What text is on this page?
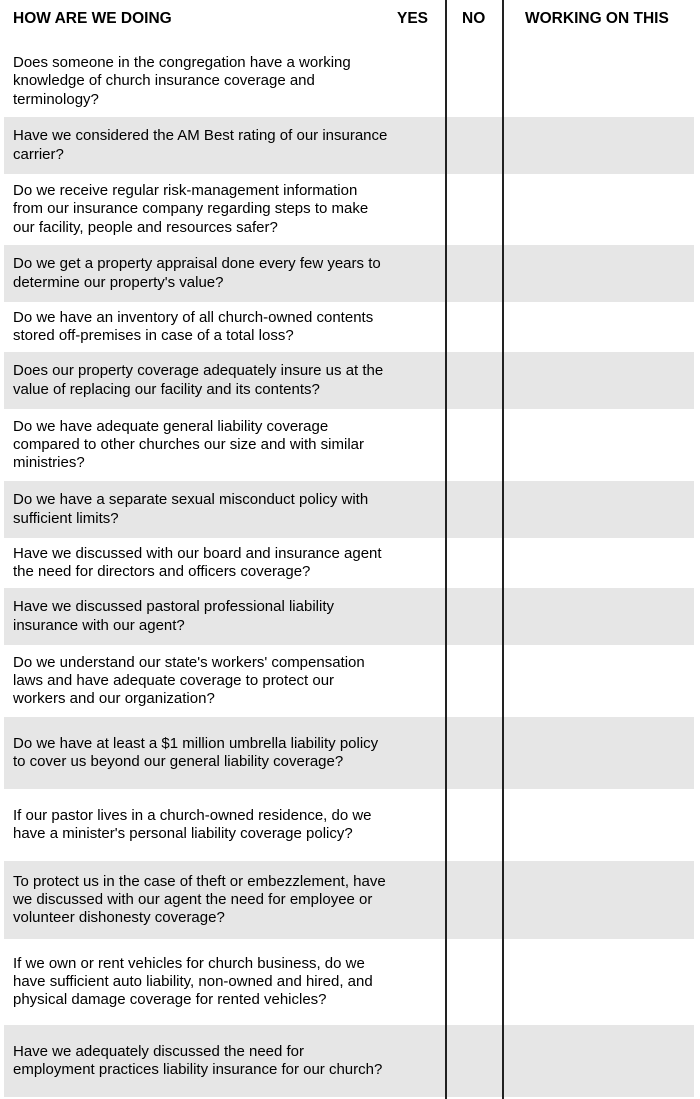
HOW ARE WE DOING	YES NO	WORKING ON THIS
Does someone in the congregation have a working knowledge of church insurance coverage and terminology?
Have we considered the AM Best rating of our insurance carrier?
Do we receive regular risk-management information from our insurance company regarding steps to make our facility, people and resources safer?
Do we get a property appraisal done every few years to determine our property's value?
Do we have an inventory of all church-owned contents stored off-premises in case of a total loss?
Does our property coverage adequately insure us at the value of replacing our facility and its contents?
Do we have adequate general liability coverage compared to other churches our size and with similar ministries?
Do we have a separate sexual misconduct policy with sufficient limits?
Have we discussed with our board and insurance agent the need for directors and officers coverage?
Have we discussed pastoral professional liability insurance with our agent?
Do we understand our state's workers' compensation laws and have adequate coverage to protect our workers and our organization?
Do we have at least a $1 million umbrella liability policy to cover us beyond our general liability coverage?
If our pastor lives in a church-owned residence, do we have a minister's personal liability coverage policy?
To protect us in the case of theft or embezzlement, have we discussed with our agent the need for employee or volunteer dishonesty coverage?
If we own or rent vehicles for church business, do we have sufficient auto liability, non-owned and hired, and physical damage coverage for rented vehicles?
Have we adequately discussed the need for employment practices liability insurance for our church?
